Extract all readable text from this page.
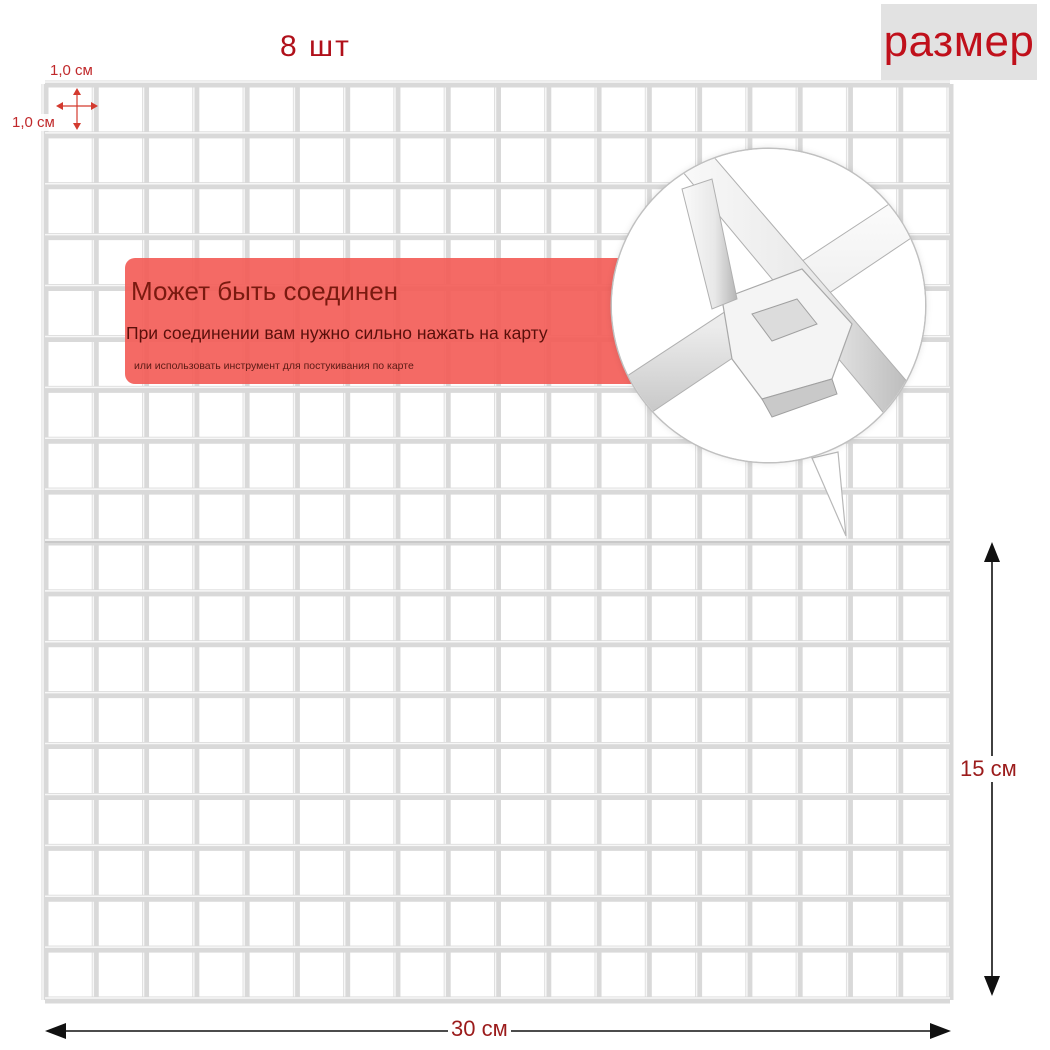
размер
8 шт
1,0 см
1,0 см
Может быть соединен
При соединении вам нужно сильно нажать на карту
или использовать инструмент для постукивания по карте
15 см
30 см
